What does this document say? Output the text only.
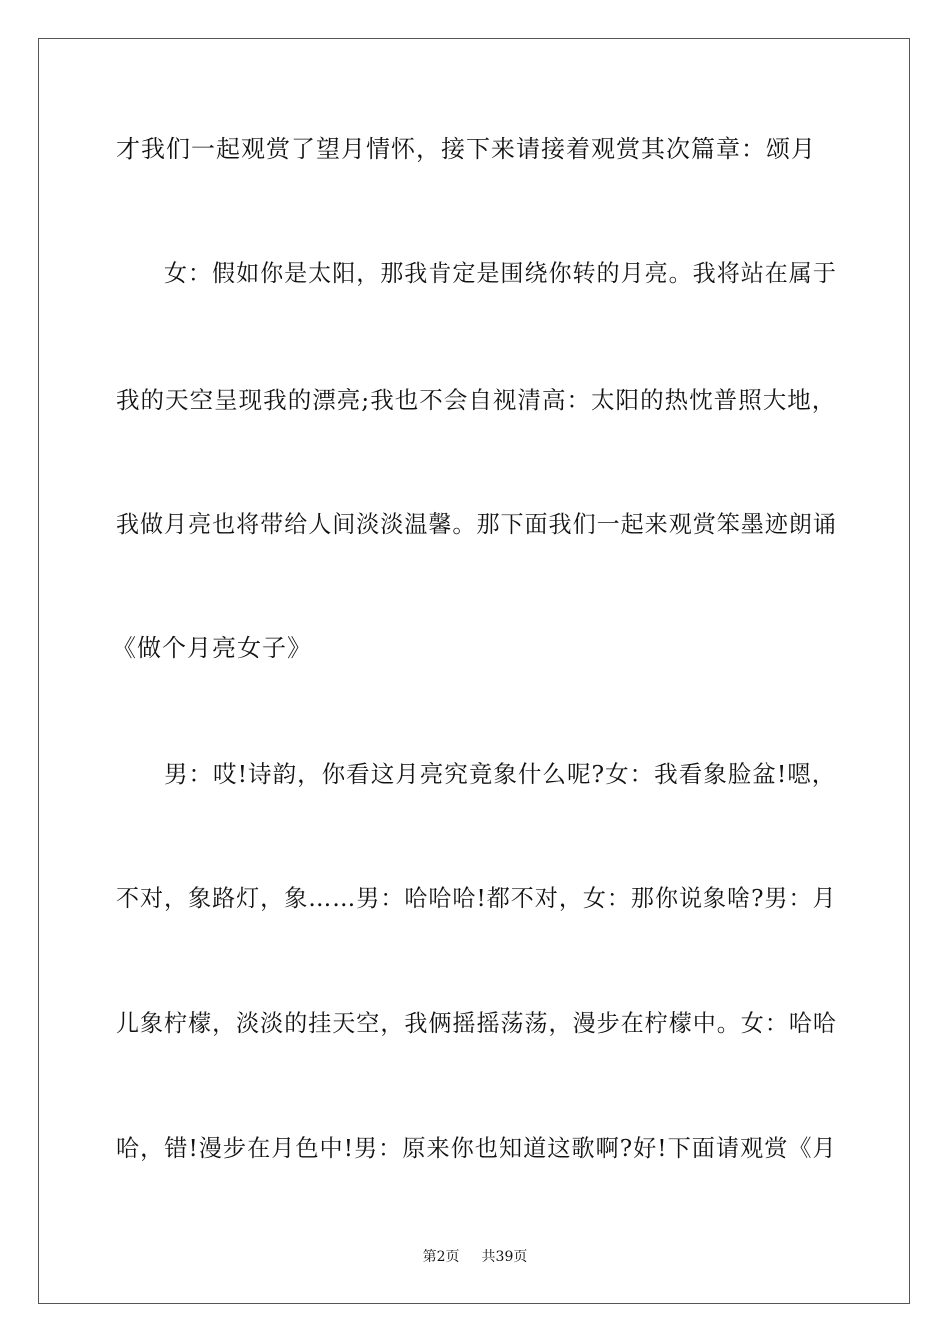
才我们一起观赏了望月情怀，接下来请接着观赏其次篇章：颂月
女：假如你是太阳，那我肯定是围绕你转的月亮。我将站在属于
我的天空呈现我的漂亮;我也不会自视清高：太阳的热忱普照大地，
我做月亮也将带给人间淡淡温馨。那下面我们一起来观赏笨墨迹朗诵
《做个月亮女子》
男：哎!诗韵，你看这月亮究竟象什么呢?女：我看象脸盆!嗯，
不对，象路灯，象……男：哈哈哈!都不对，女：那你说象啥?男：月
儿象柠檬，淡淡的挂天空，我俩摇摇荡荡，漫步在柠檬中。女：哈哈
哈，错!漫步在月色中!男：原来你也知道这歌啊?好!下面请观赏《月
第2页 共39页
